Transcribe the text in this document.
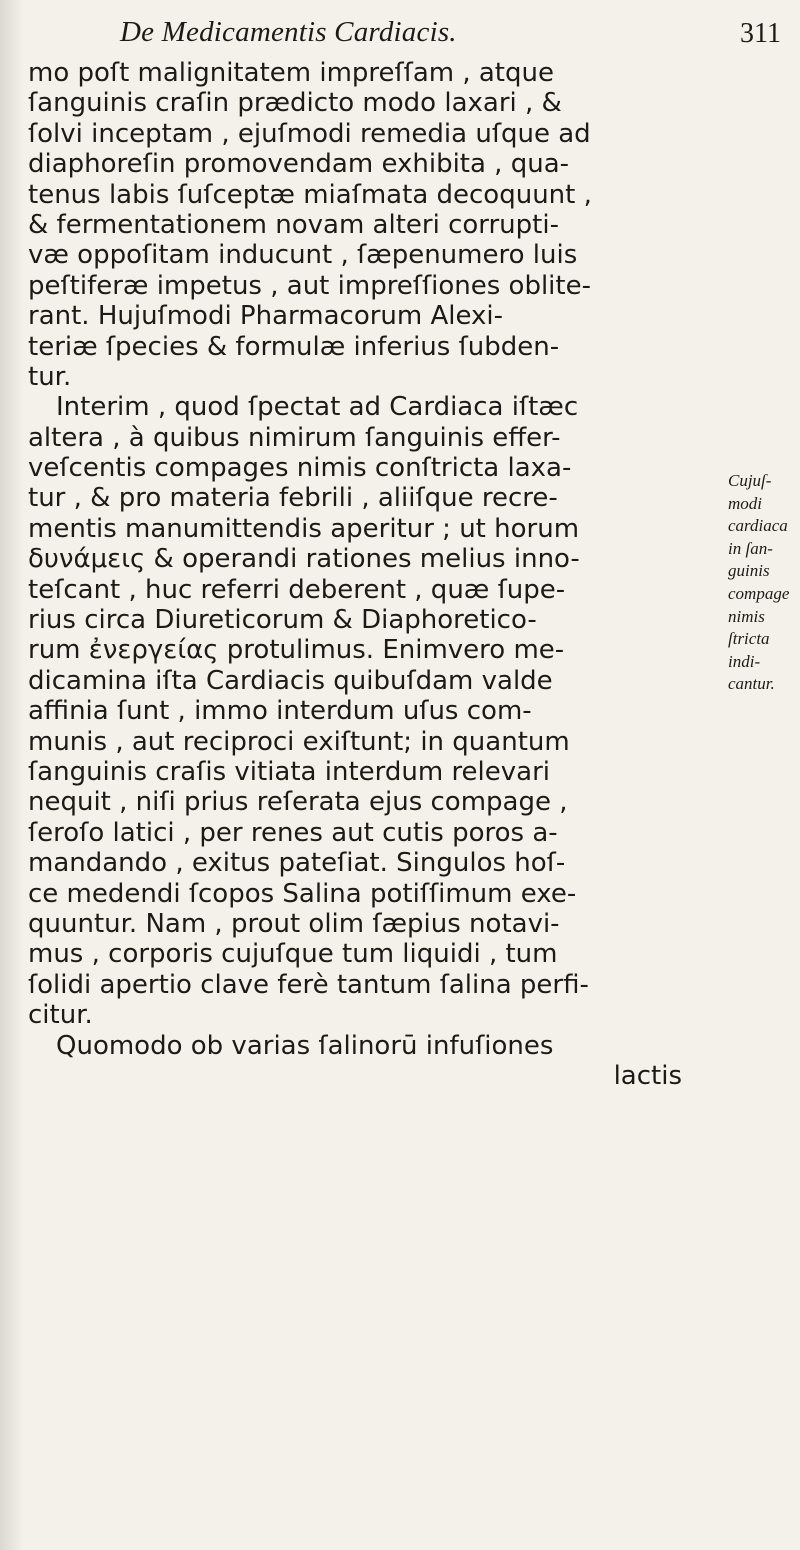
De Medicamentis Cardiacis.	311
mo poſt malignitatem impreſſam , atque
ſanguinis craſin prædicto modo laxari , &
ſolvi inceptam , ejuſmodi remedia uſque ad
diaphoreſin promovendam exhibita , qua-
tenus labis ſuſceptæ miaſmata decoquunt ,
& fermentationem novam alteri corrupti-
væ oppoſitam inducunt , ſæpenumero luis
peſtiferæ impetus , aut impreſſiones oblite-
rant. Hujuſmodi Pharmacorum Alexi-
teriæ ſpecies & formulæ inferius ſubden-
tur.
Interim , quod ſpectat ad Cardiaca iſtæc
altera , à quibus nimirum ſanguinis effer-
veſcentis compages nimis conſtricta laxa-
tur , & pro materia febrili , aliiſque recre-
mentis manumittendis aperitur ; ut horum
δυνάμεις & operandi rationes melius inno-
teſcant , huc referri deberent , quæ ſupe-
rius circa Diureticorum & Diaphoretico-
rum ἐνεργείας protulimus. Enimvero me-
dicamina iſta Cardiacis quibuſdam valde
affinia ſunt , immo interdum uſus com-
munis , aut reciproci exiſtunt; in quantum
ſanguinis craſis vitiata interdum relevari
nequit , niſi prius reſerata ejus compage ,
ſeroſo latici , per renes aut cutis poros a-
mandando , exitus pateſiat. Singulos hoſ-
ce medendi ſcopos Salina potiſſimum exe-
quuntur. Nam , prout olim ſæpius notavi-
mus , corporis cujuſque tum liquidi , tum
ſolidi apertio clave ferè tantum ſalina perfi-
citur.
Quomodo ob varias ſalinorū infuſiones
lactis
Cujuſ-
modi
cardiaca
in ſan-
guinis
compage
nimis
ſtricta
indi-
cantur.
